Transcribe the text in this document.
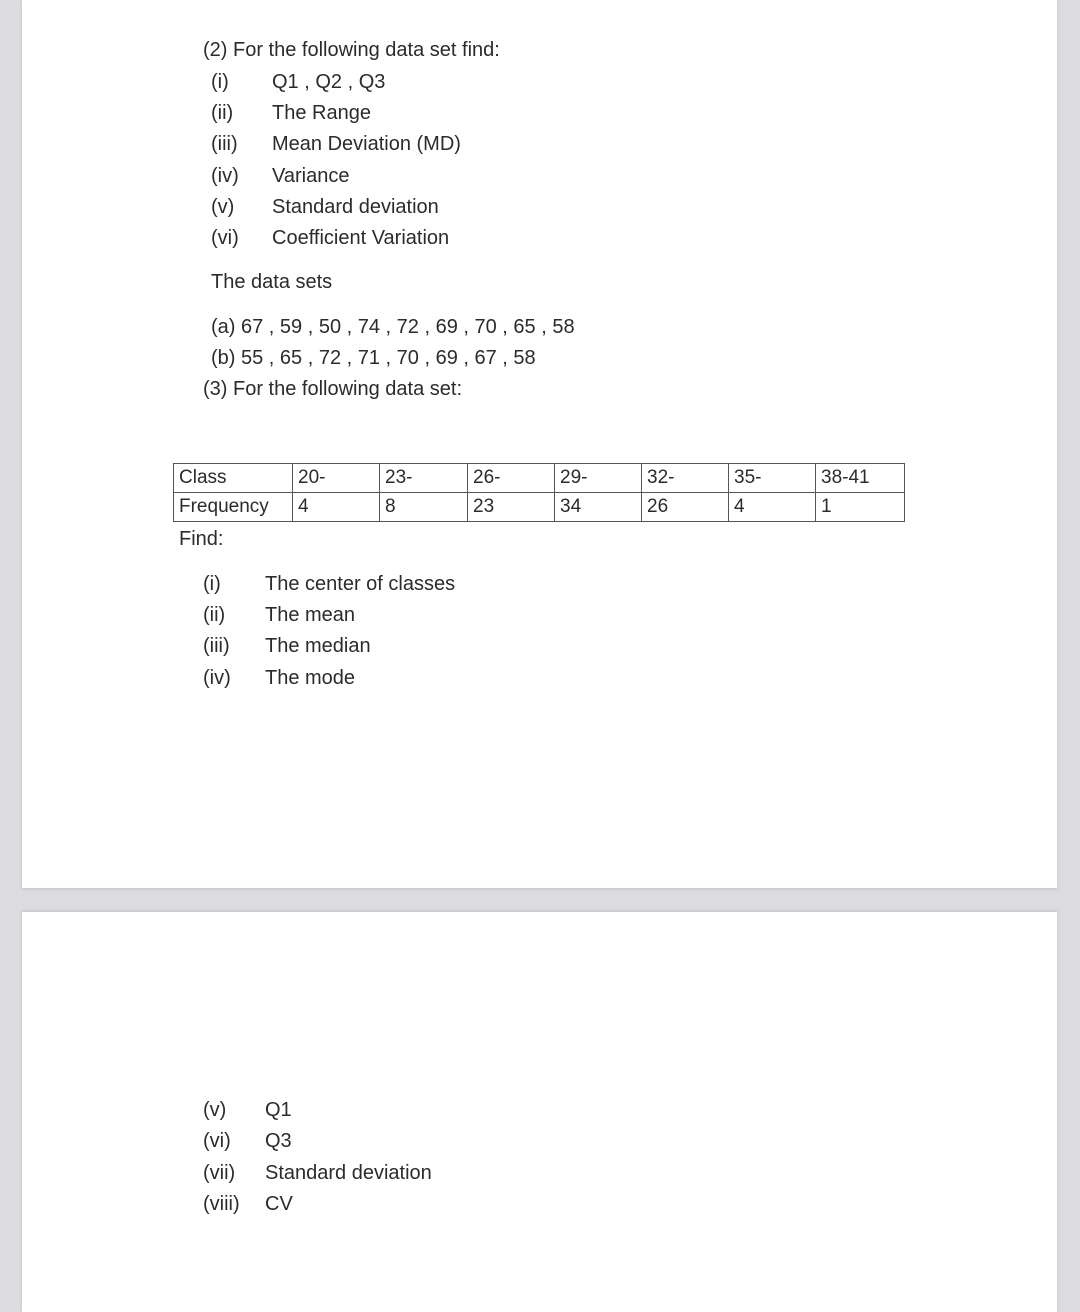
(2) For the following data set find:
(i) Q1 , Q2 , Q3
(ii) The Range
(iii) Mean Deviation (MD)
(iv) Variance
(v) Standard deviation
(vi) Coefficient Variation
The data sets
(a) 67 , 59 , 50 , 74 , 72 , 69 , 70 , 65 , 58
(b) 55 , 65 , 72 , 71 , 70 , 69 , 67 , 58
(3) For the following data set:
Class	20-	23-	26-	29-	32-	35-	38-41
Frequency	4	8	23	34	26	4	1
Find:
(i) The center of classes
(ii) The mean
(iii) The median
(iv) The mode
(v) Q1
(vi) Q3
(vii) Standard deviation
(viii) CV
